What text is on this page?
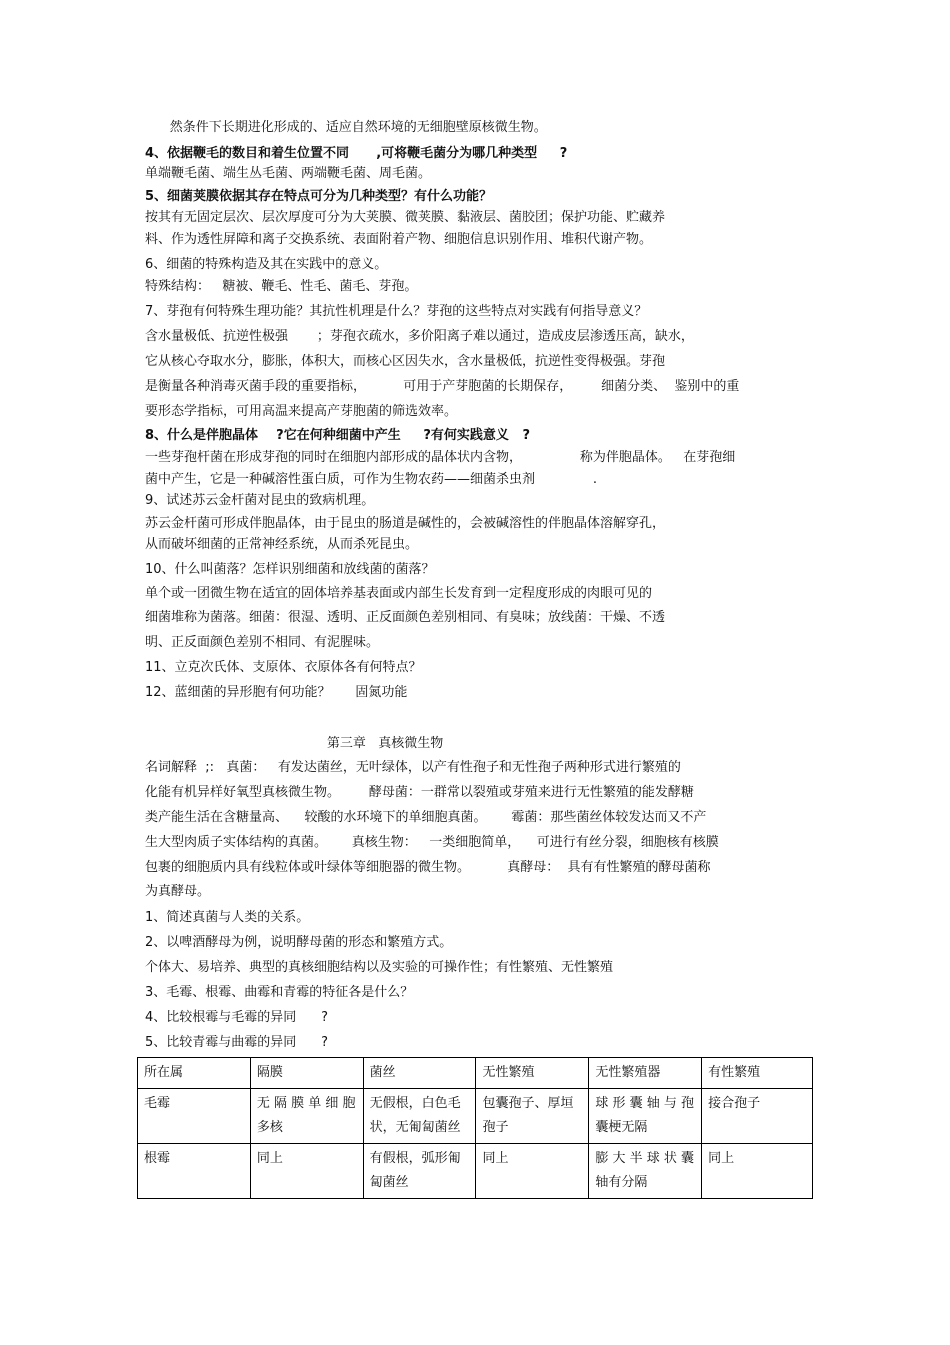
然条件下长期进化形成的、适应自然环境的无细胞壁原核微生物。
4、依据鞭毛的数目和着生位置不同      ,可将鞭毛菌分为哪几种类型     ?
单端鞭毛菌、端生丛毛菌、两端鞭毛菌、周毛菌。
5、细菌荚膜依据其存在特点可分为几种类型？有什么功能？
按其有无固定层次、层次厚度可分为大荚膜、微荚膜、黏液层、菌胶团；保护功能、贮藏养
料、作为透性屏障和离子交换系统、表面附着产物、细胞信息识别作用、堆积代谢产物。
6、细菌的特殊构造及其在实践中的意义。
特殊结构：   糖被、鞭毛、性毛、菌毛、芽孢。
7、芽孢有何特殊生理功能？其抗性机理是什么？芽孢的这些特点对实践有何指导意义？
含水量极低、抗逆性极强       ；芽孢衣疏水，多价阳离子难以通过，造成皮层渗透压高，缺水，
它从核心夺取水分，膨胀，体积大，而核心区因失水，含水量极低，抗逆性变得极强。芽孢
是衡量各种消毒灭菌手段的重要指标，         可用于产芽胞菌的长期保存，       细菌分类、  鉴别中的重
要形态学指标，可用高温来提高产芽胞菌的筛选效率。
8、什么是伴胞晶体    ?它在何种细菌中产生     ?有何实践意义   ?
一些芽孢杆菌在形成芽孢的同时在细胞内部形成的晶体状内含物，              称为伴胞晶体。   在芽孢细
菌中产生，它是一种碱溶性蛋白质，可作为生物农药——细菌杀虫剂              .
9、试述苏云金杆菌对昆虫的致病机理。
苏云金杆菌可形成伴胞晶体，由于昆虫的肠道是碱性的，会被碱溶性的伴胞晶体溶解穿孔，
从而破坏细菌的正常神经系统，从而杀死昆虫。
10、什么叫菌落？怎样识别细菌和放线菌的菌落？
单个或一团微生物在适宜的固体培养基表面或内部生长发育到一定程度形成的肉眼可见的
细菌堆称为菌落。细菌：很湿、透明、正反面颜色差别相同、有臭味；放线菌：干燥、不透
明、正反面颜色差别不相同、有泥腥味。
11、立克次氏体、支原体、衣原体各有何特点？
12、蓝细菌的异形胞有何功能？      固氮功能
第三章   真核微生物
名词解释  ;:   真菌：   有发达菌丝，无叶绿体，以产有性孢子和无性孢子两种形式进行繁殖的
化能有机异样好氧型真核微生物。       酵母菌：一群常以裂殖或芽殖来进行无性繁殖的能发酵糖
类产能生活在含糖量高、    较酸的水环境下的单细胞真菌。      霉菌：那些菌丝体较发达而又不产
生大型肉质子实体结构的真菌。      真核生物：   一类细胞简单，    可进行有丝分裂，细胞核有核膜
包裹的细胞质内具有线粒体或叶绿体等细胞器的微生物。         真酵母：  具有有性繁殖的酵母菌称
为真酵母。
1、简述真菌与人类的关系。
2、以啤酒酵母为例，说明酵母菌的形态和繁殖方式。
个体大、易培养、典型的真核细胞结构以及实验的可操作性；有性繁殖、无性繁殖
3、毛霉、根霉、曲霉和青霉的特征各是什么？
4、比较根霉与毛霉的异同      ?
5、比较青霉与曲霉的异同      ?
所在属	隔膜	菌丝	无性繁殖	无性繁殖器	有性繁殖
毛霉	无 隔 膜 单 细 胞多核	无假根，白色毛状，无匍匐菌丝	包囊孢子、厚垣孢子	球 形 囊 轴 与 孢囊梗无隔	接合孢子
根霉	同上	有假根，弧形匍匐菌丝	同上	膨 大 半 球 状 囊轴有分隔	同上
